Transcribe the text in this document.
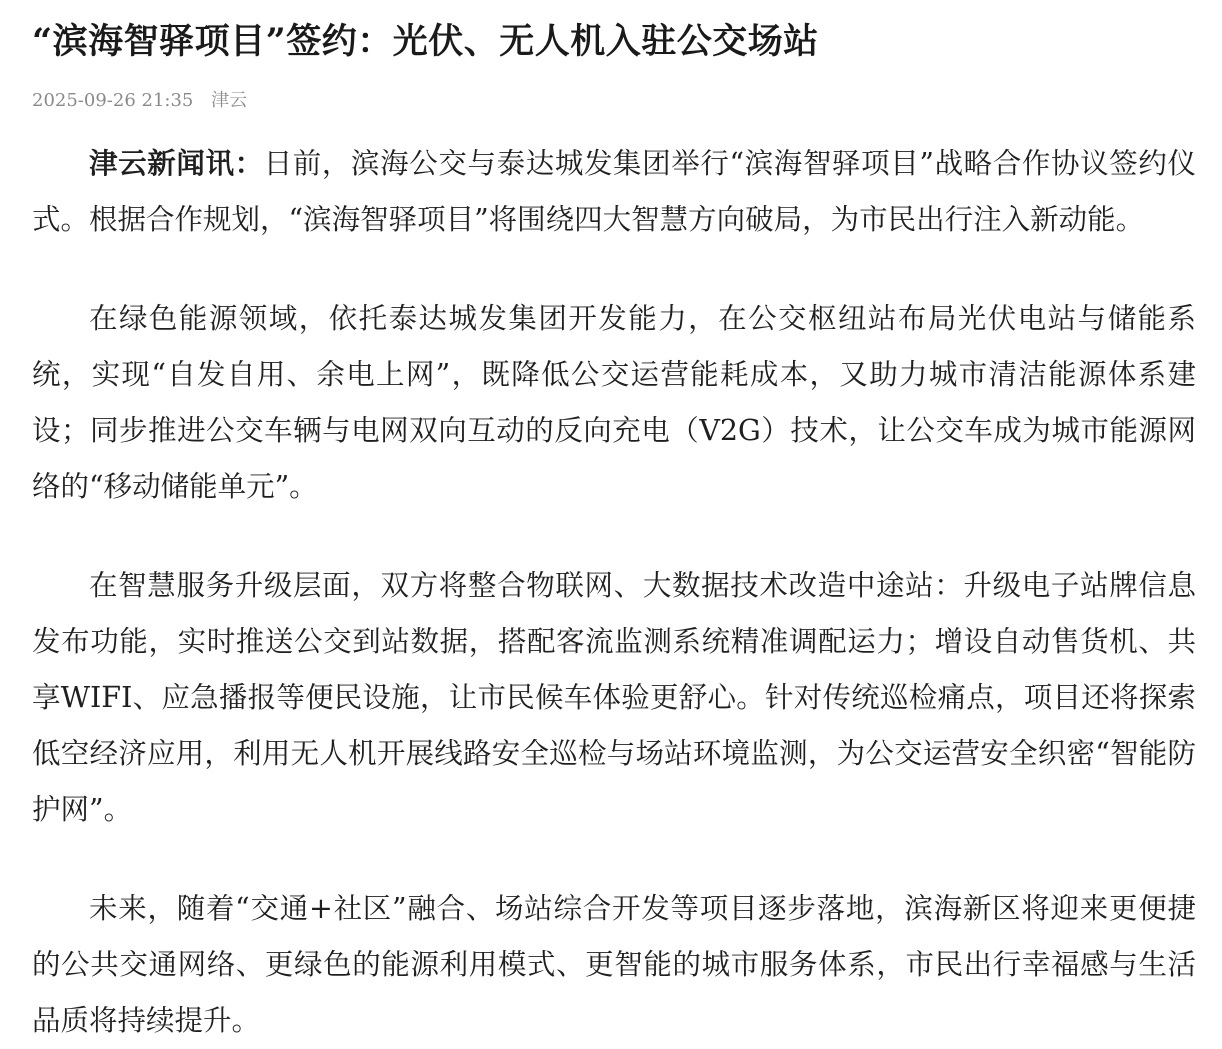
“滨海智驿项目”签约：光伏、无人机入驻公交场站
2025-09-26 21:35 津云

津云新闻讯：日前，滨海公交与泰达城发集团举行“滨海智驿项目”战略合作协议签约仪式。根据合作规划，“滨海智驿项目”将围绕四大智慧方向破局，为市民出行注入新动能。

在绿色能源领域，依托泰达城发集团开发能力，在公交枢纽站布局光伏电站与储能系统，实现“自发自用、余电上网”，既降低公交运营能耗成本，又助力城市清洁能源体系建设；同步推进公交车辆与电网双向互动的反向充电（V2G）技术，让公交车成为城市能源网络的“移动储能单元”。

在智慧服务升级层面，双方将整合物联网、大数据技术改造中途站：升级电子站牌信息发布功能，实时推送公交到站数据，搭配客流监测系统精准调配运力；增设自动售货机、共享WIFI、应急播报等便民设施，让市民候车体验更舒心。针对传统巡检痛点，项目还将探索低空经济应用，利用无人机开展线路安全巡检与场站环境监测，为公交运营安全织密“智能防护网”。

未来，随着“交通+社区”融合、场站综合开发等项目逐步落地，滨海新区将迎来更便捷的公共交通网络、更绿色的能源利用模式、更智能的城市服务体系，市民出行幸福感与生活品质将持续提升。
